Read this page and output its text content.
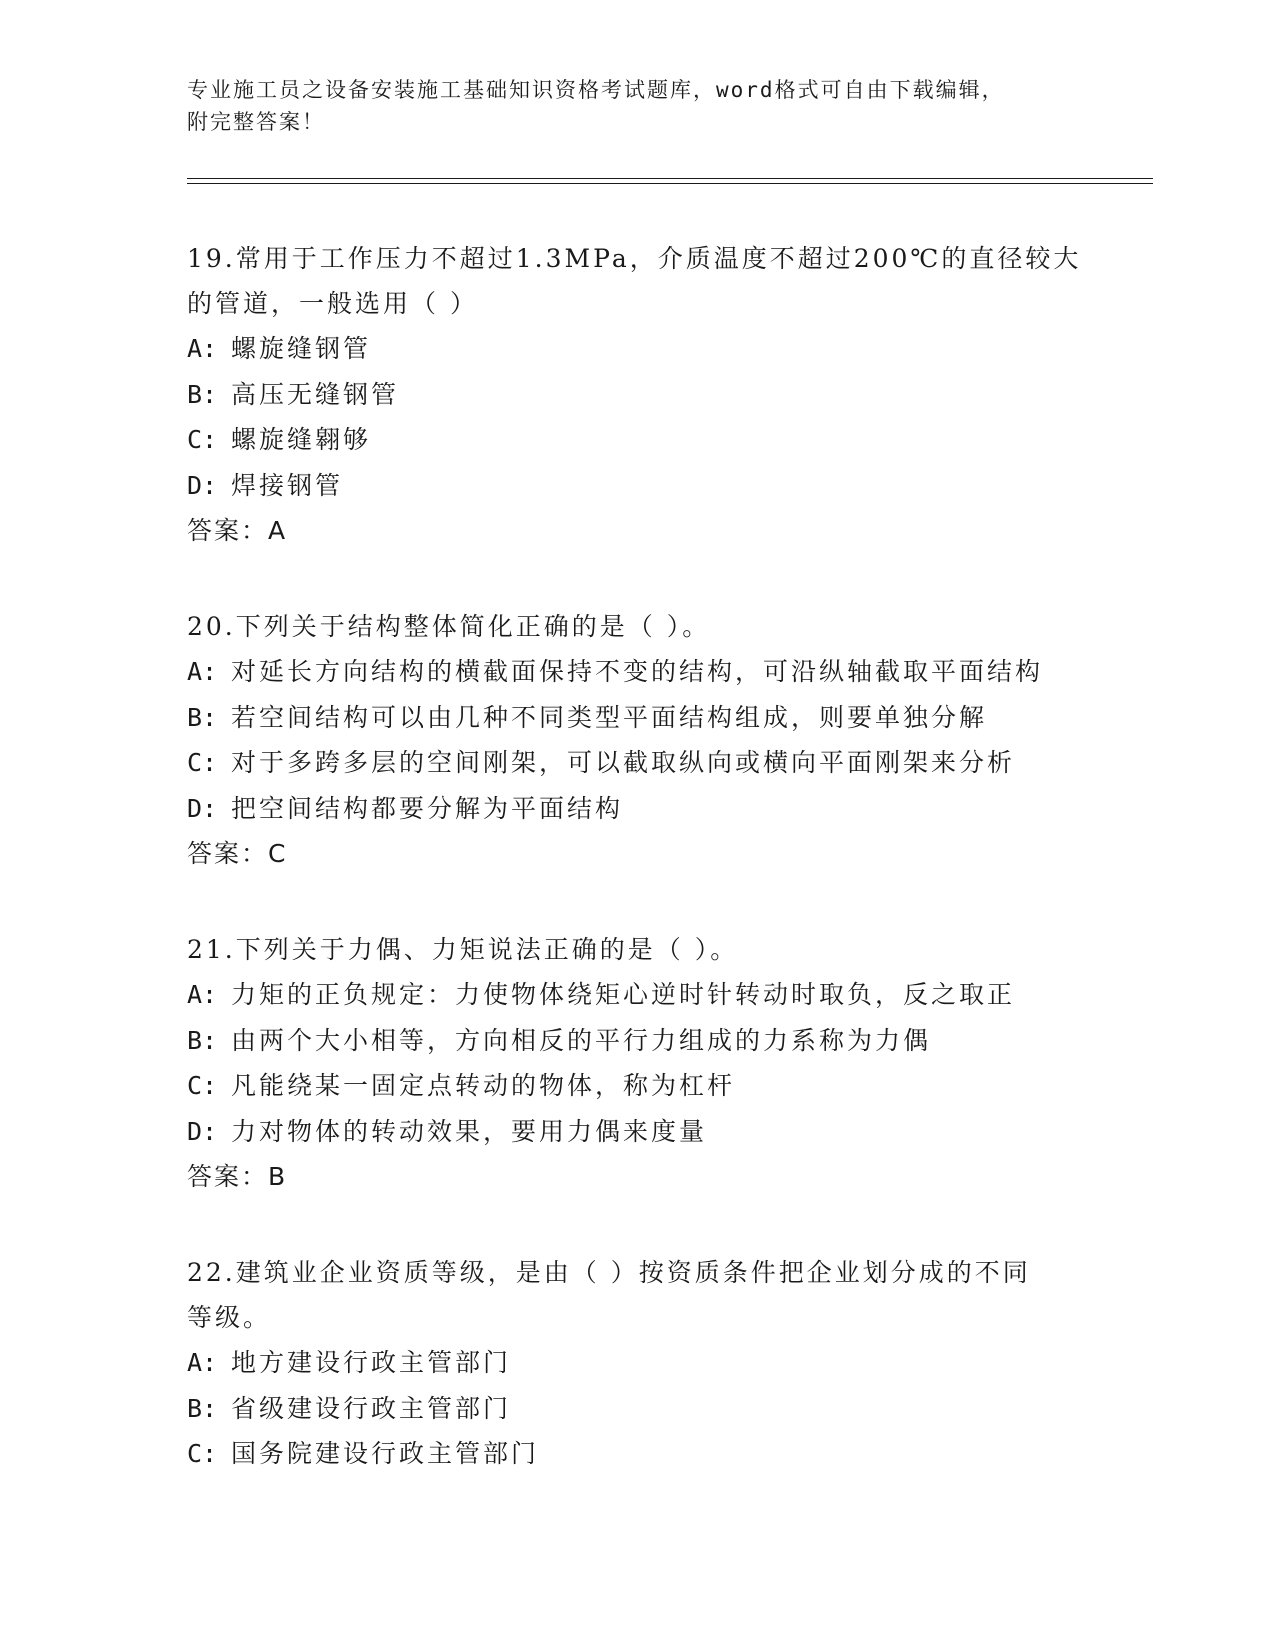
专业施工员之设备安装施工基础知识资格考试题库，word格式可自由下载编辑，
附完整答案！

19.常用于工作压力不超过1.3MPa，介质温度不超过200℃的直径较大

的管道，一般选用（ ）

A: 螺旋缝钢管

B: 高压无缝钢管

C: 螺旋缝翱够

D: 焊接钢管

答案：A

20.下列关于结构整体简化正确的是（ ）。

A: 对延长方向结构的横截面保持不变的结构，可沿纵轴截取平面结构

B: 若空间结构可以由几种不同类型平面结构组成，则要单独分解

C: 对于多跨多层的空间刚架，可以截取纵向或横向平面刚架来分析

D: 把空间结构都要分解为平面结构

答案：C

21.下列关于力偶、力矩说法正确的是（ ）。

A: 力矩的正负规定：力使物体绕矩心逆时针转动时取负，反之取正

B: 由两个大小相等，方向相反的平行力组成的力系称为力偶

C: 凡能绕某一固定点转动的物体，称为杠杆

D: 力对物体的转动效果，要用力偶来度量

答案：B

22.建筑业企业资质等级，是由（ ）按资质条件把企业划分成的不同

等级。

A: 地方建设行政主管部门

B: 省级建设行政主管部门

C: 国务院建设行政主管部门
